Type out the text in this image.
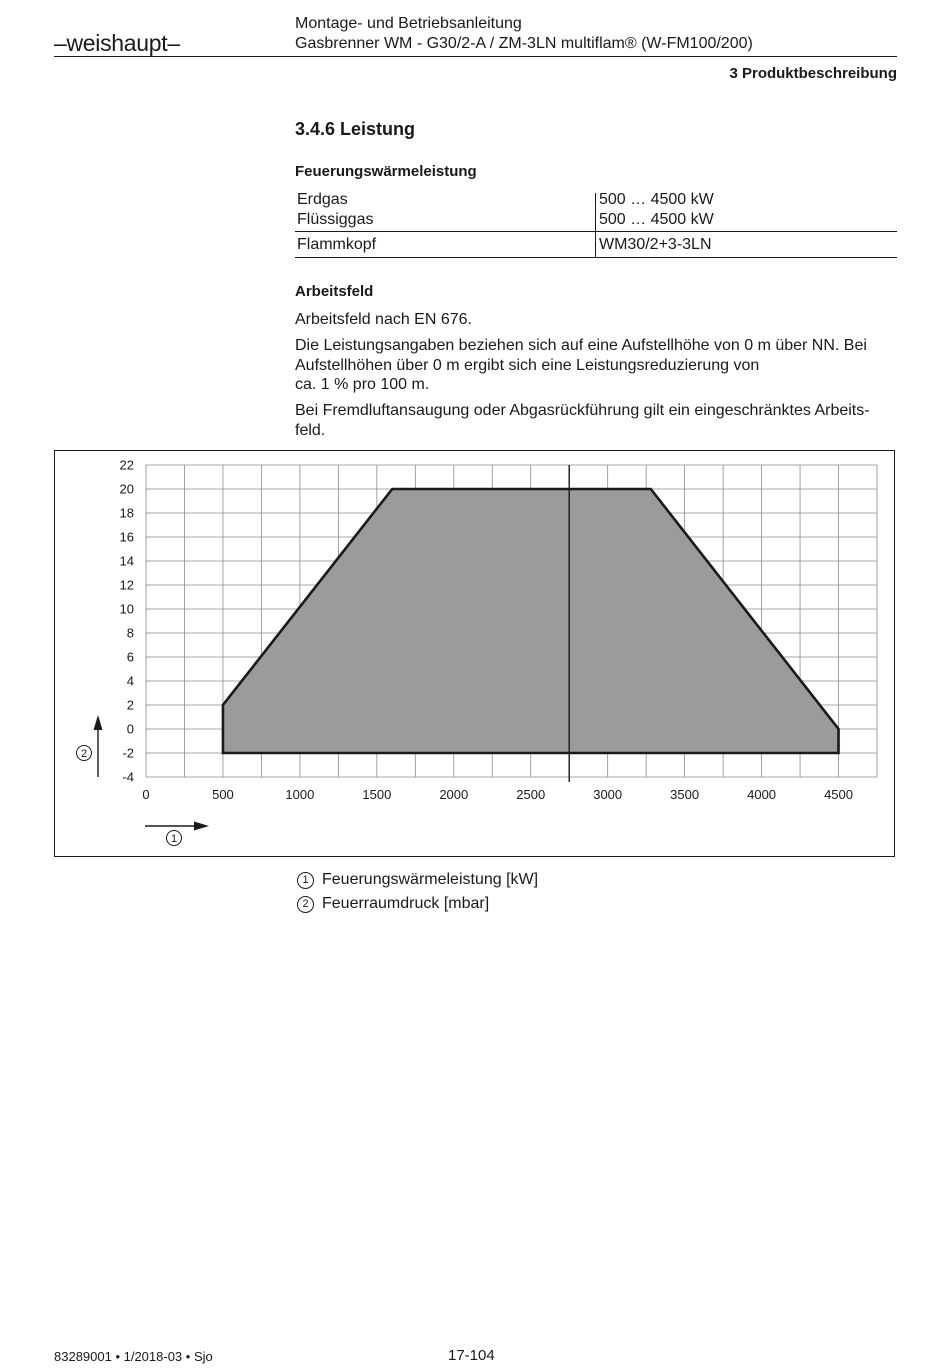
–weishaupt–
Montage- und Betriebsanleitung
Gasbrenner WM - G30/2-A / ZM-3LN multiflam® (W-FM100/200)
3 Produktbeschreibung
3.4.6 Leistung
Feuerungswärmeleistung
Erdgas	500 … 4500 kW
Flüssiggas	500 … 4500 kW
Flammkopf	WM30/2+3-3LN
Arbeitsfeld
Arbeitsfeld nach EN 676.
Die Leistungsangaben beziehen sich auf eine Aufstellhöhe von 0 m über NN. Bei
Aufstellhöhen über 0 m ergibt sich eine Leistungsreduzierung von
ca. 1 % pro 100 m.
Bei Fremdluftansaugung oder Abgasrückführung gilt ein eingeschränktes Arbeits-
feld.
0	500	1000	1500	2000	2500	3000	3500	4000	4500
22
20
18
16
14
12
10
8
6
4
2
0
-2
-4
1
2
1 Feuerungswärmeleistung [kW]
2 Feuerraumdruck [mbar]
83289001 • 1/2018-03 • Sjo	17-104
